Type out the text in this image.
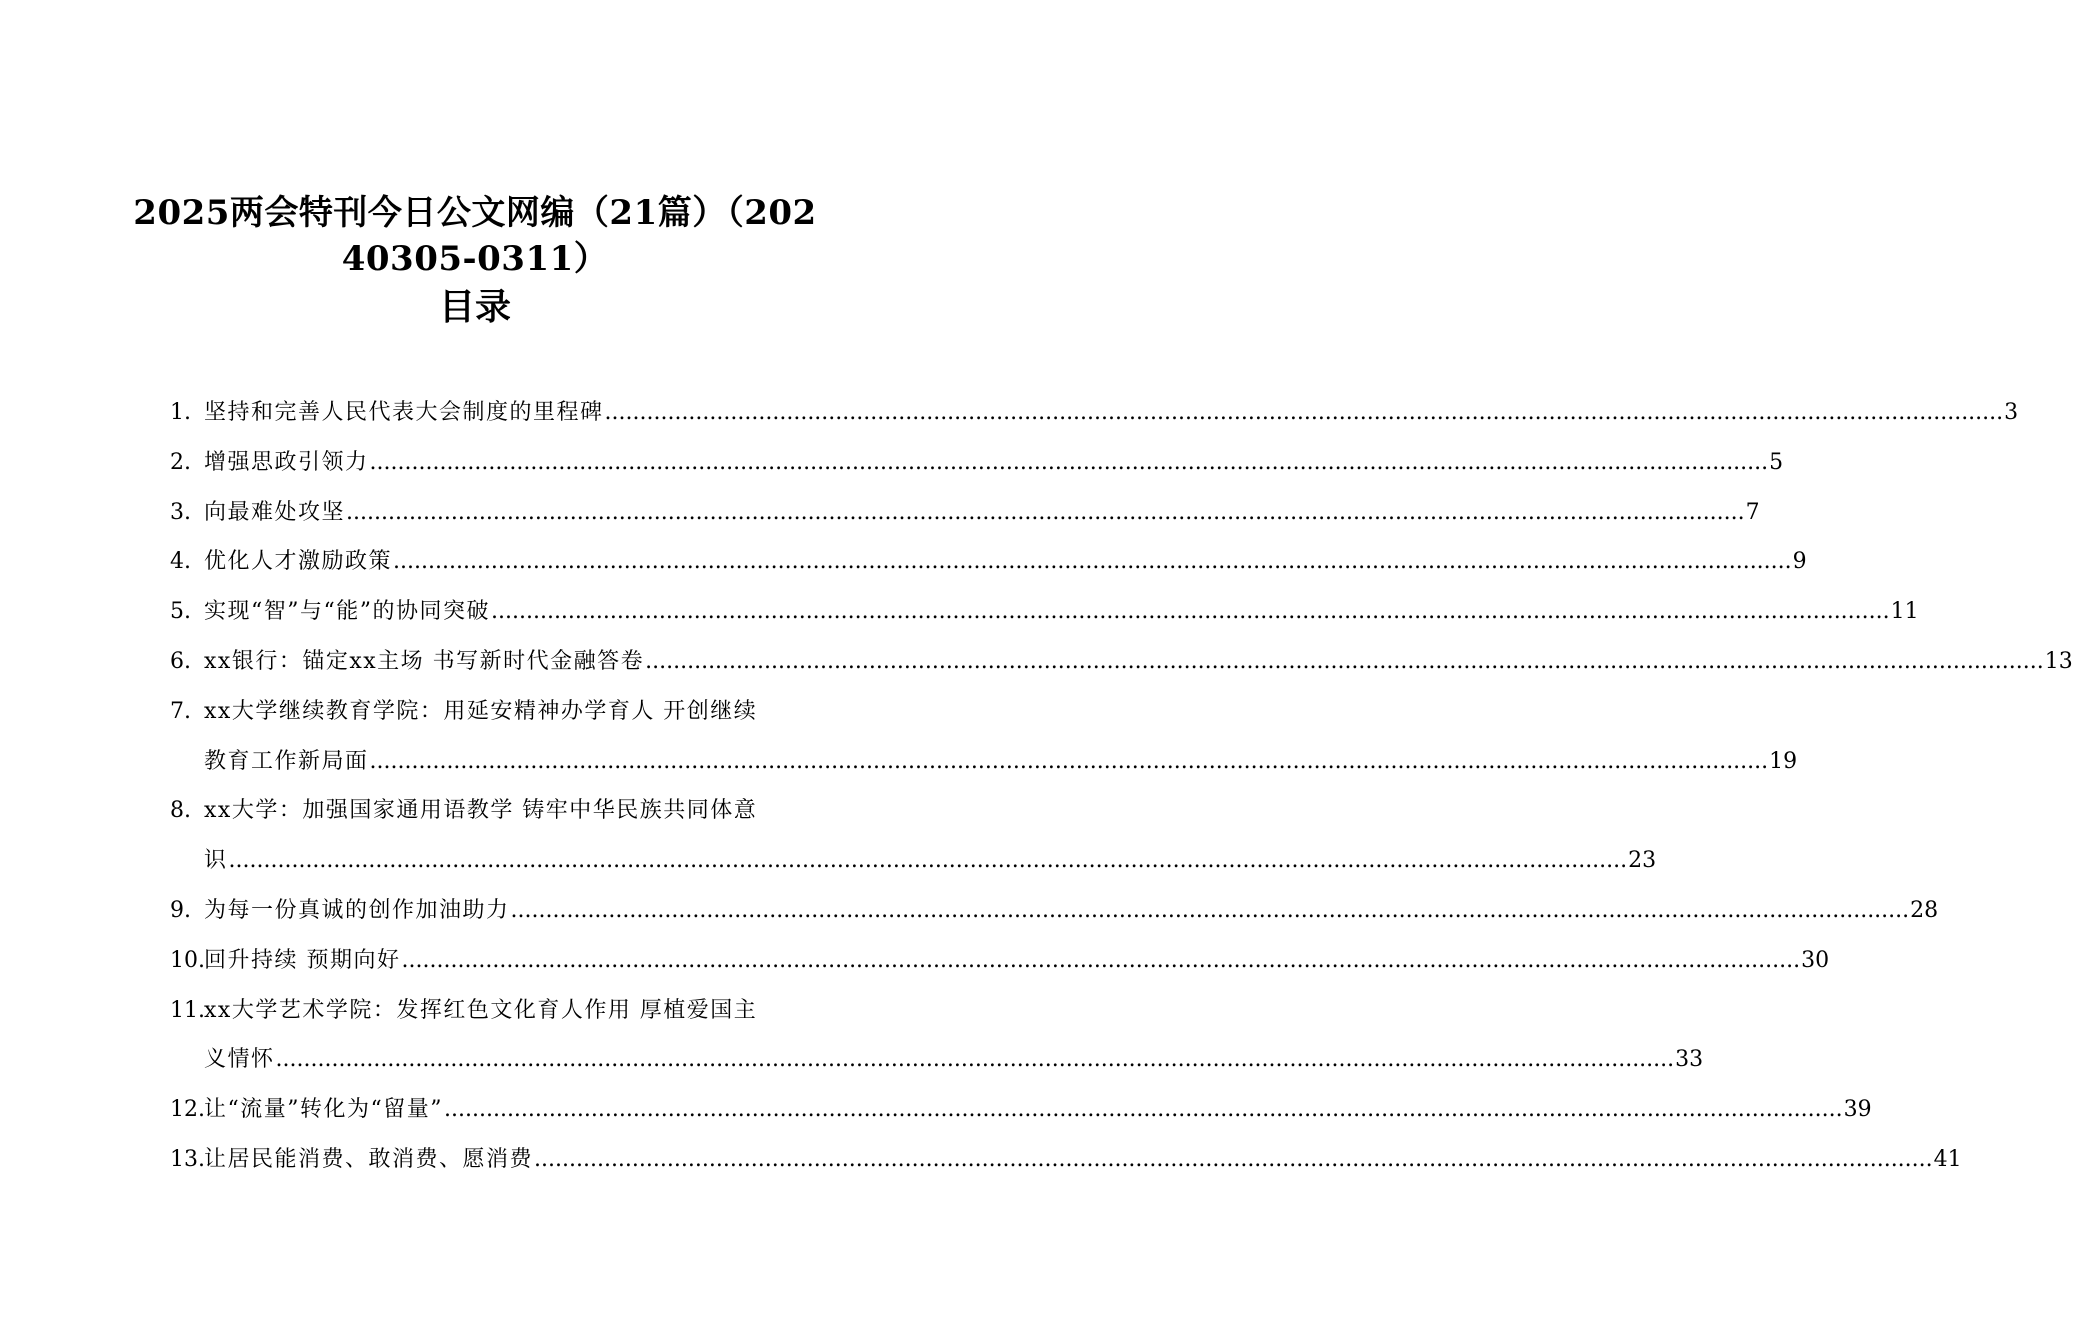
2025两会特刊今日公文网编（21篇）（202
40305-0311）
目录
1. 坚持和完善人民代表大会制度的里程碑 ........................................................................................................................................................................................................ 3
2. 增强思政引领力 ........................................................................................................................................................................................................ 5
3. 向最难处攻坚 ........................................................................................................................................................................................................ 7
4. 优化人才激励政策 ........................................................................................................................................................................................................ 9
5. 实现“智”与“能”的协同突破 ........................................................................................................................................................................................................ 11
6. xx银行：锚定xx主场 书写新时代金融答卷 ........................................................................................................................................................................................................ 13
7. xx大学继续教育学院：用延安精神办学育人 开创继续
教育工作新局面 ........................................................................................................................................................................................................ 19
8. xx大学：加强国家通用语教学 铸牢中华民族共同体意
识 ........................................................................................................................................................................................................ 23
9. 为每一份真诚的创作加油助力 ........................................................................................................................................................................................................ 28
10. 回升持续 预期向好 ........................................................................................................................................................................................................ 30
11. xx大学艺术学院：发挥红色文化育人作用 厚植爱国主
义情怀 ........................................................................................................................................................................................................ 33
12. 让“流量”转化为“留量” ........................................................................................................................................................................................................ 39
13. 让居民能消费、敢消费、愿消费 ........................................................................................................................................................................................................ 41
